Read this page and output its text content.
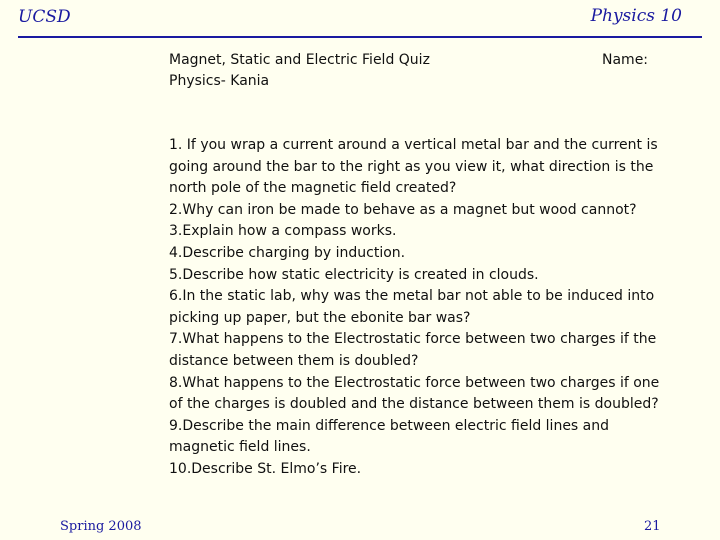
UCSD	Physics 10
Magnet, Static and Electric Field Quiz
Physics- Kania
Name:

1. If you wrap a current around a vertical metal bar and the current is going around the bar to the right as you view it, what direction is the north pole of the magnetic field created?

2.Why can iron be made to behave as a magnet but wood cannot?

3.Explain how a compass works.

4.Describe charging by induction.

5.Describe how static electricity is created in clouds.

6.In the static lab, why was the metal bar not able to be induced into picking up paper, but the ebonite bar was?

7.What happens to the Electrostatic force between two charges if the distance between them is doubled?

8.What happens to the Electrostatic force between two charges if one of the charges is doubled and the distance between them is doubled?

9.Describe the main difference between electric field lines and magnetic field lines.

10.Describe St. Elmo’s Fire.

Spring 2008	21
